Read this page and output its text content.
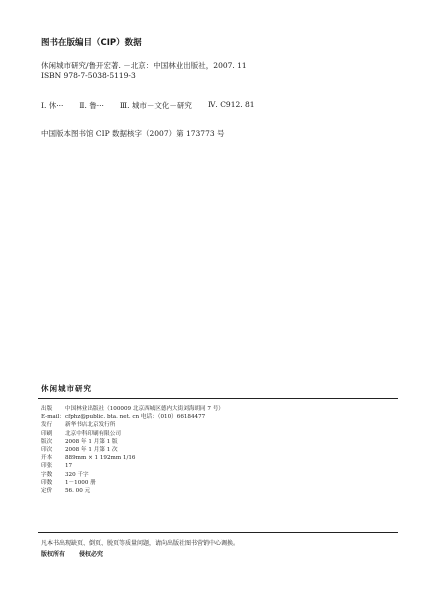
图书在版编目（CIP）数据
休闲城市研究/鲁开宏著. －北京：中国林业出版社，2007. 11
ISBN 978-7-5038-5119-3
Ⅰ. 休··· Ⅱ. 鲁··· Ⅲ. 城市－文化－研究 Ⅳ. C912. 81
中国版本图书馆 CIP 数据核字（2007）第 173773 号
休闲城市研究
出版	中国林业出版社（100009 北京西城区德内大街刘海胡同 7 号）
E-mail： cfphz@public. bta. net. cn 电话：（010）66184477
发行	新华书店北京发行所
印刷	北京中科印刷有限公司
版次	2008 年 1 月第 1 版
印次	2008 年 1 月第 1 次
开本	889mm × 1 192mm 1/16
印张	17
字数	320 千字
印数	1－1000 册
定价	56. 00 元
凡本书出现缺页、倒页、脱页等质量问题，请向出版社图书营销中心调换。
版权所有 侵权必究
